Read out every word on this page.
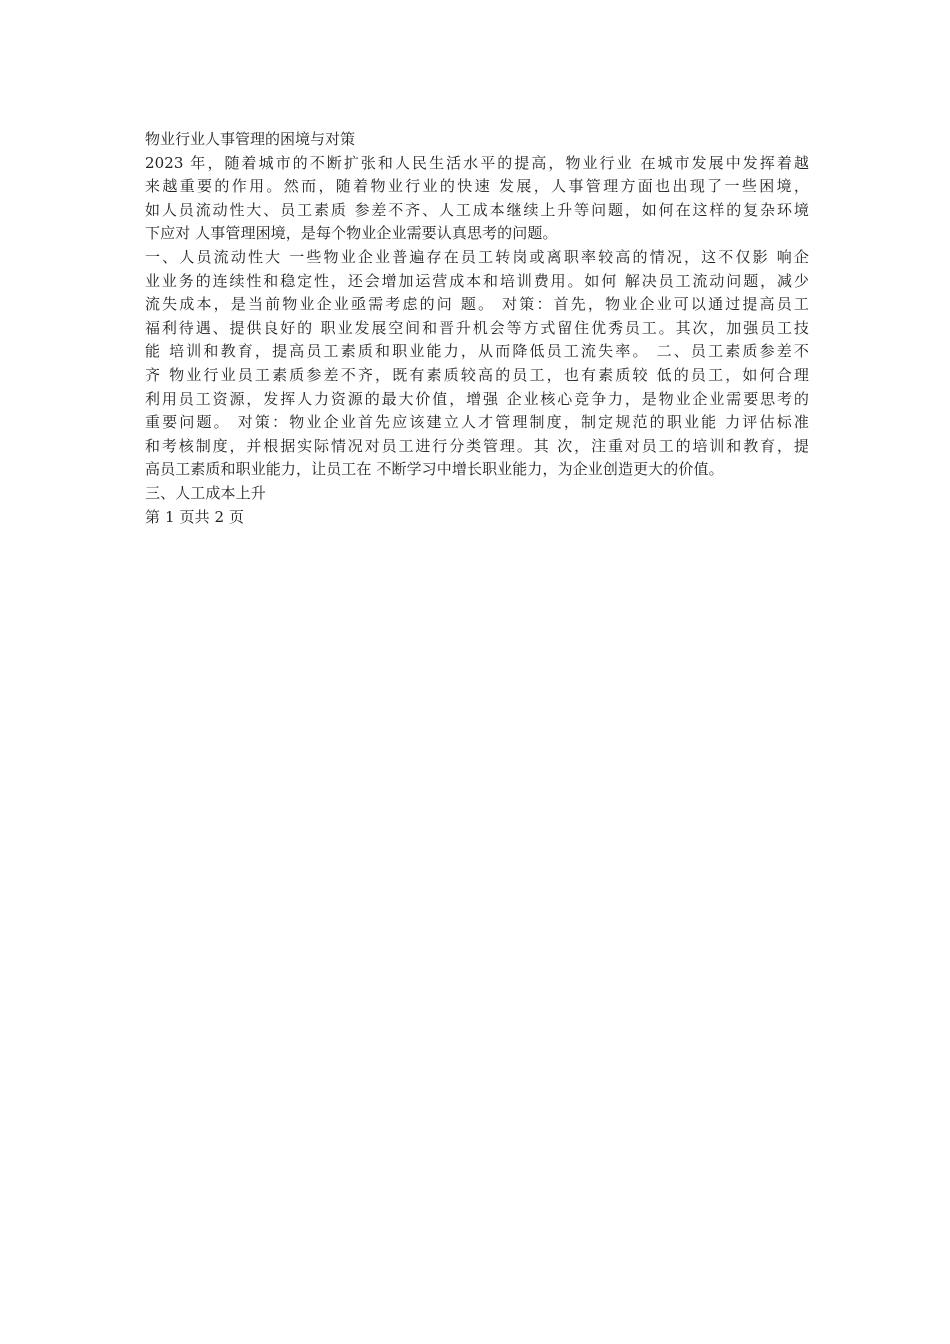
物业行业人事管理的困境与对策
2023 年，随着城市的不断扩张和人民生活水平的提高，物业行业 在城市发展中发挥着越
来越重要的作用。然而，随着物业行业的快速 发展，人事管理方面也出现了一些困境，
如人员流动性大、员工素质 参差不齐、人工成本继续上升等问题，如何在这样的复杂环境
下应对 人事管理困境，是每个物业企业需要认真思考的问题。
一、人员流动性大 一些物业企业普遍存在员工转岗或离职率较高的情况，这不仅影 响企
业业务的连续性和稳定性，还会增加运营成本和培训费用。如何 解决员工流动问题，减少
流失成本，是当前物业企业亟需考虑的问 题。 对策：首先，物业企业可以通过提高员工
福利待遇、提供良好的 职业发展空间和晋升机会等方式留住优秀员工。其次，加强员工技
能 培训和教育，提高员工素质和职业能力，从而降低员工流失率。 二、员工素质参差不
齐 物业行业员工素质参差不齐，既有素质较高的员工，也有素质较 低的员工，如何合理
利用员工资源，发挥人力资源的最大价值，增强 企业核心竞争力，是物业企业需要思考的
重要问题。 对策：物业企业首先应该建立人才管理制度，制定规范的职业能 力评估标准
和考核制度，并根据实际情况对员工进行分类管理。其 次，注重对员工的培训和教育，提
高员工素质和职业能力，让员工在 不断学习中增长职业能力，为企业创造更大的价值。
三、人工成本上升
第 1 页共 2 页
